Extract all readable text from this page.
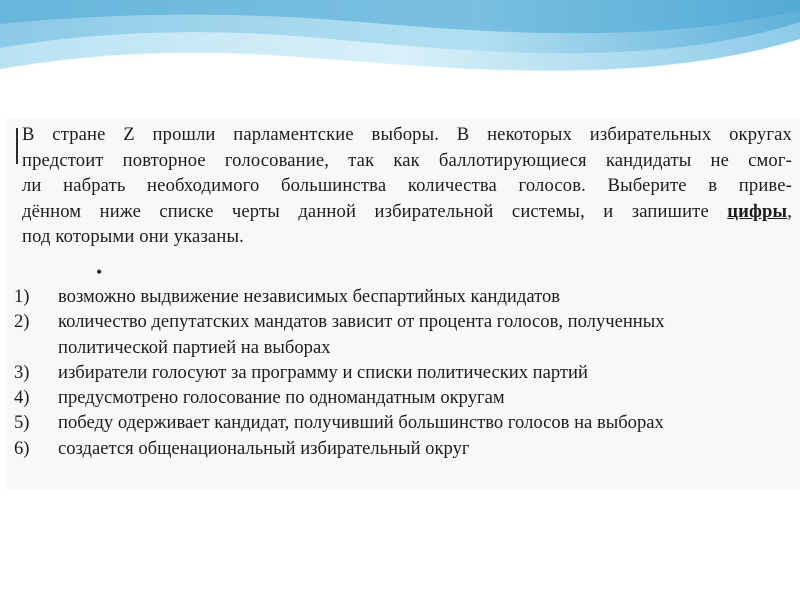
В стране Z прошли парламентские выборы. В некоторых избирательных округах
предстоит повторное голосование, так как баллотирующиеся кандидаты не смог-
ли набрать необходимого большинства количества голосов. Выберите в приве-
дённом ниже списке черты данной избирательной системы, и запишите цифры,
под которыми они указаны.
•
1) возможно выдвижение независимых беспартийных кандидатов
2) количество депутатских мандатов зависит от процента голосов, полученных
политической партией на выборах
3) избиратели голосуют за программу и списки политических партий
4) предусмотрено голосование по одномандатным округам
5) победу одерживает кандидат, получивший большинство голосов на выборах
6) создается общенациональный избирательный округ
